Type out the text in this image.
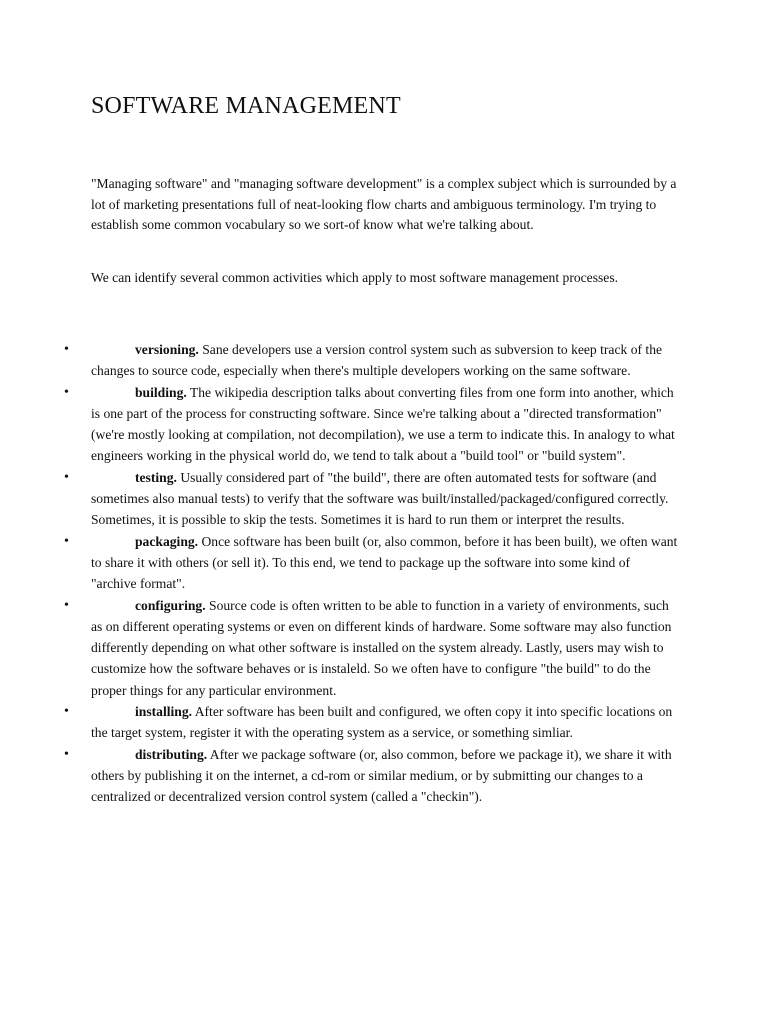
SOFTWARE MANAGEMENT

"Managing software" and "managing software development" is a complex subject which is surrounded by a lot of marketing presentations full of neat-looking flow charts and ambiguous terminology. I'm trying to establish some common vocabulary so we sort-of know what we're talking about.

We can identify several common activities which apply to most software management processes.

•	versioning. Sane developers use a version control system such as subversion to keep track of the changes to source code, especially when there's multiple developers working on the same software.
•	building. The wikipedia description talks about converting files from one form into another, which is one part of the process for constructing software. Since we're talking about a "directed transformation" (we're mostly looking at compilation, not decompilation), we use a term to indicate this. In analogy to what engineers working in the physical world do, we tend to talk about a "build tool" or "build system".
•	testing. Usually considered part of "the build", there are often automated tests for software (and sometimes also manual tests) to verify that the software was built/installed/packaged/configured correctly. Sometimes, it is possible to skip the tests. Sometimes it is hard to run them or interpret the results.
•	packaging. Once software has been built (or, also common, before it has been built), we often want to share it with others (or sell it). To this end, we tend to package up the software into some kind of "archive format".
•	configuring. Source code is often written to be able to function in a variety of environments, such as on different operating systems or even on different kinds of hardware. Some software may also function differently depending on what other software is installed on the system already. Lastly, users may wish to customize how the software behaves or is instaleld. So we often have to configure "the build" to do the proper things for any particular environment.
•	installing. After software has been built and configured, we often copy it into specific locations on the target system, register it with the operating system as a service, or something simliar.
•	distributing. After we package software (or, also common, before we package it), we share it with others by publishing it on the internet, a cd-rom or similar medium, or by submitting our changes to a centralized or decentralized version control system (called a "checkin").
